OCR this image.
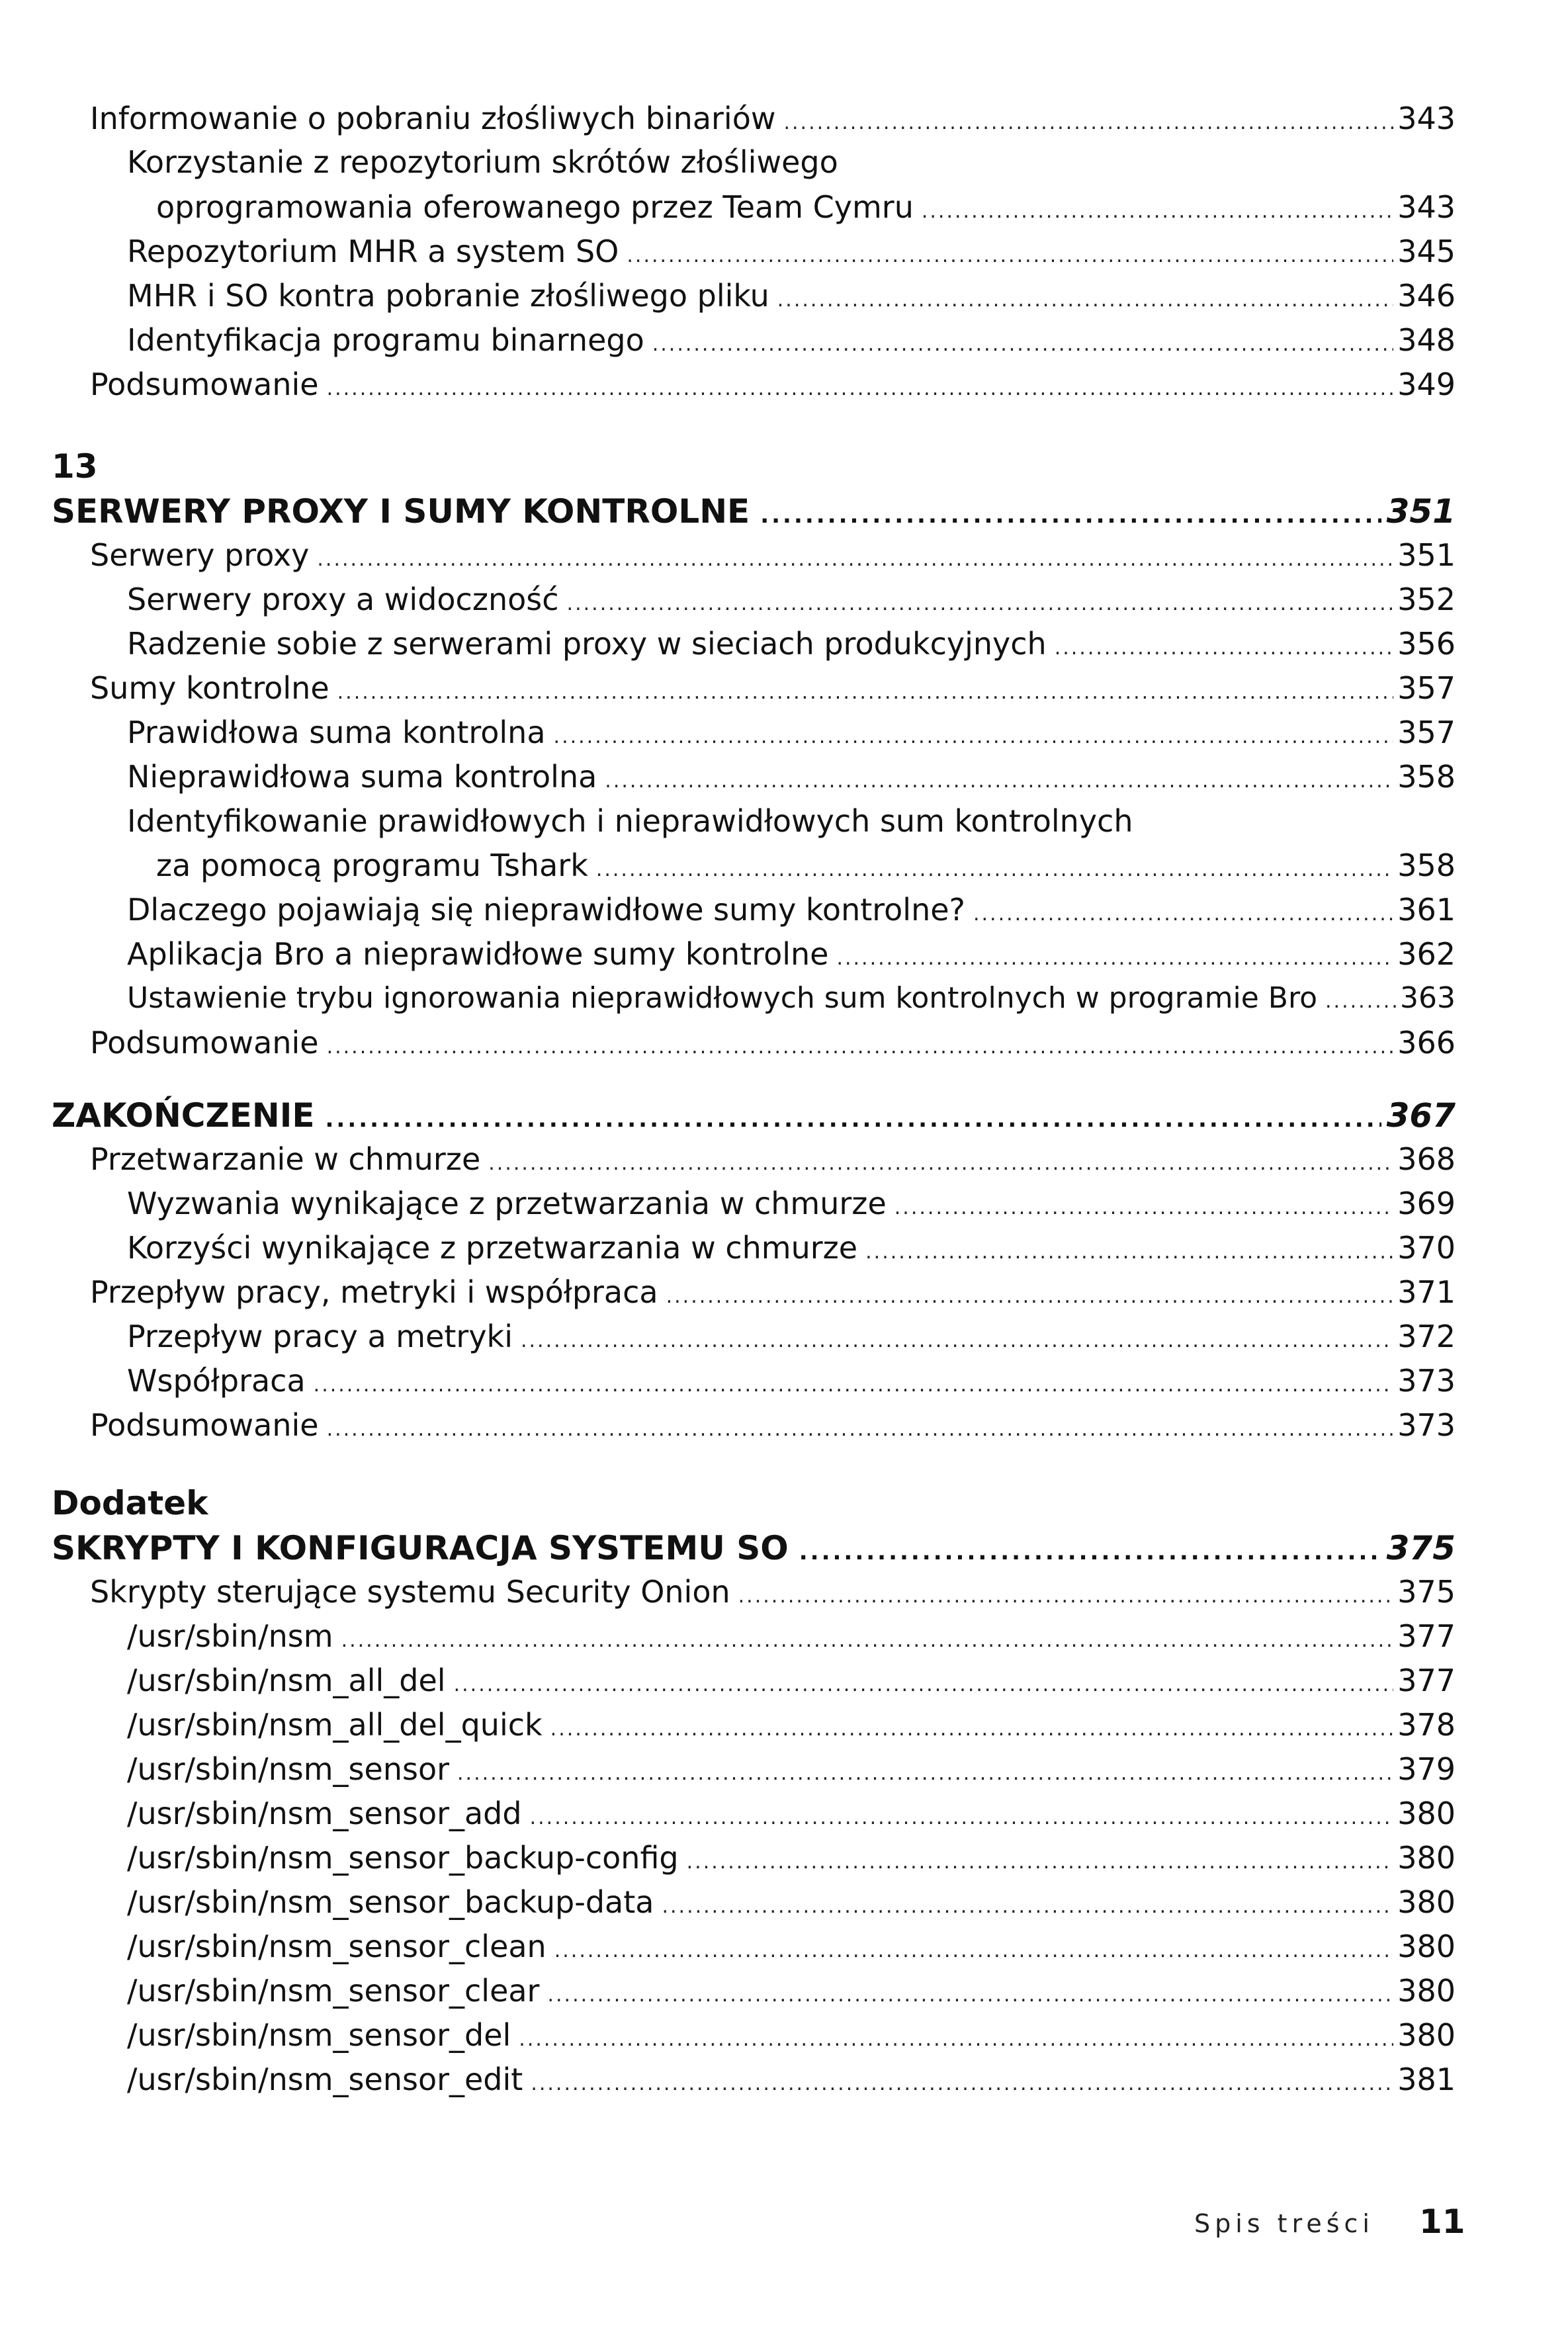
Informowanie o pobraniu złośliwych binariów .....	343
Korzystanie z repozytorium skrótów złośliwego
oprogramowania oferowanego przez Team Cymru .....	343
Repozytorium MHR a system SO .....	345
MHR i SO kontra pobranie złośliwego pliku .....	346
Identyfikacja programu binarnego .....	348
Podsumowanie .....	349
13
SERWERY PROXY I SUMY KONTROLNE .....	351
Serwery proxy .....	351
Serwery proxy a widoczność .....	352
Radzenie sobie z serwerami proxy w sieciach produkcyjnych .....	356
Sumy kontrolne .....	357
Prawidłowa suma kontrolna .....	357
Nieprawidłowa suma kontrolna .....	358
Identyfikowanie prawidłowych i nieprawidłowych sum kontrolnych
za pomocą programu Tshark .....	358
Dlaczego pojawiają się nieprawidłowe sumy kontrolne? .....	361
Aplikacja Bro a nieprawidłowe sumy kontrolne .....	362
Ustawienie trybu ignorowania nieprawidłowych sum kontrolnych w programie Bro .....	363
Podsumowanie .....	366
ZAKOŃCZENIE .....	367
Przetwarzanie w chmurze .....	368
Wyzwania wynikające z przetwarzania w chmurze .....	369
Korzyści wynikające z przetwarzania w chmurze .....	370
Przepływ pracy, metryki i współpraca .....	371
Przepływ pracy a metryki .....	372
Współpraca .....	373
Podsumowanie .....	373
Dodatek
SKRYPTY I KONFIGURACJA SYSTEMU SO .....	375
Skrypty sterujące systemu Security Onion .....	375
/usr/sbin/nsm .....	377
/usr/sbin/nsm_all_del .....	377
/usr/sbin/nsm_all_del_quick .....	378
/usr/sbin/nsm_sensor .....	379
/usr/sbin/nsm_sensor_add .....	380
/usr/sbin/nsm_sensor_backup-config .....	380
/usr/sbin/nsm_sensor_backup-data .....	380
/usr/sbin/nsm_sensor_clean .....	380
/usr/sbin/nsm_sensor_clear .....	380
/usr/sbin/nsm_sensor_del .....	380
/usr/sbin/nsm_sensor_edit .....	381
Spis treści 11
